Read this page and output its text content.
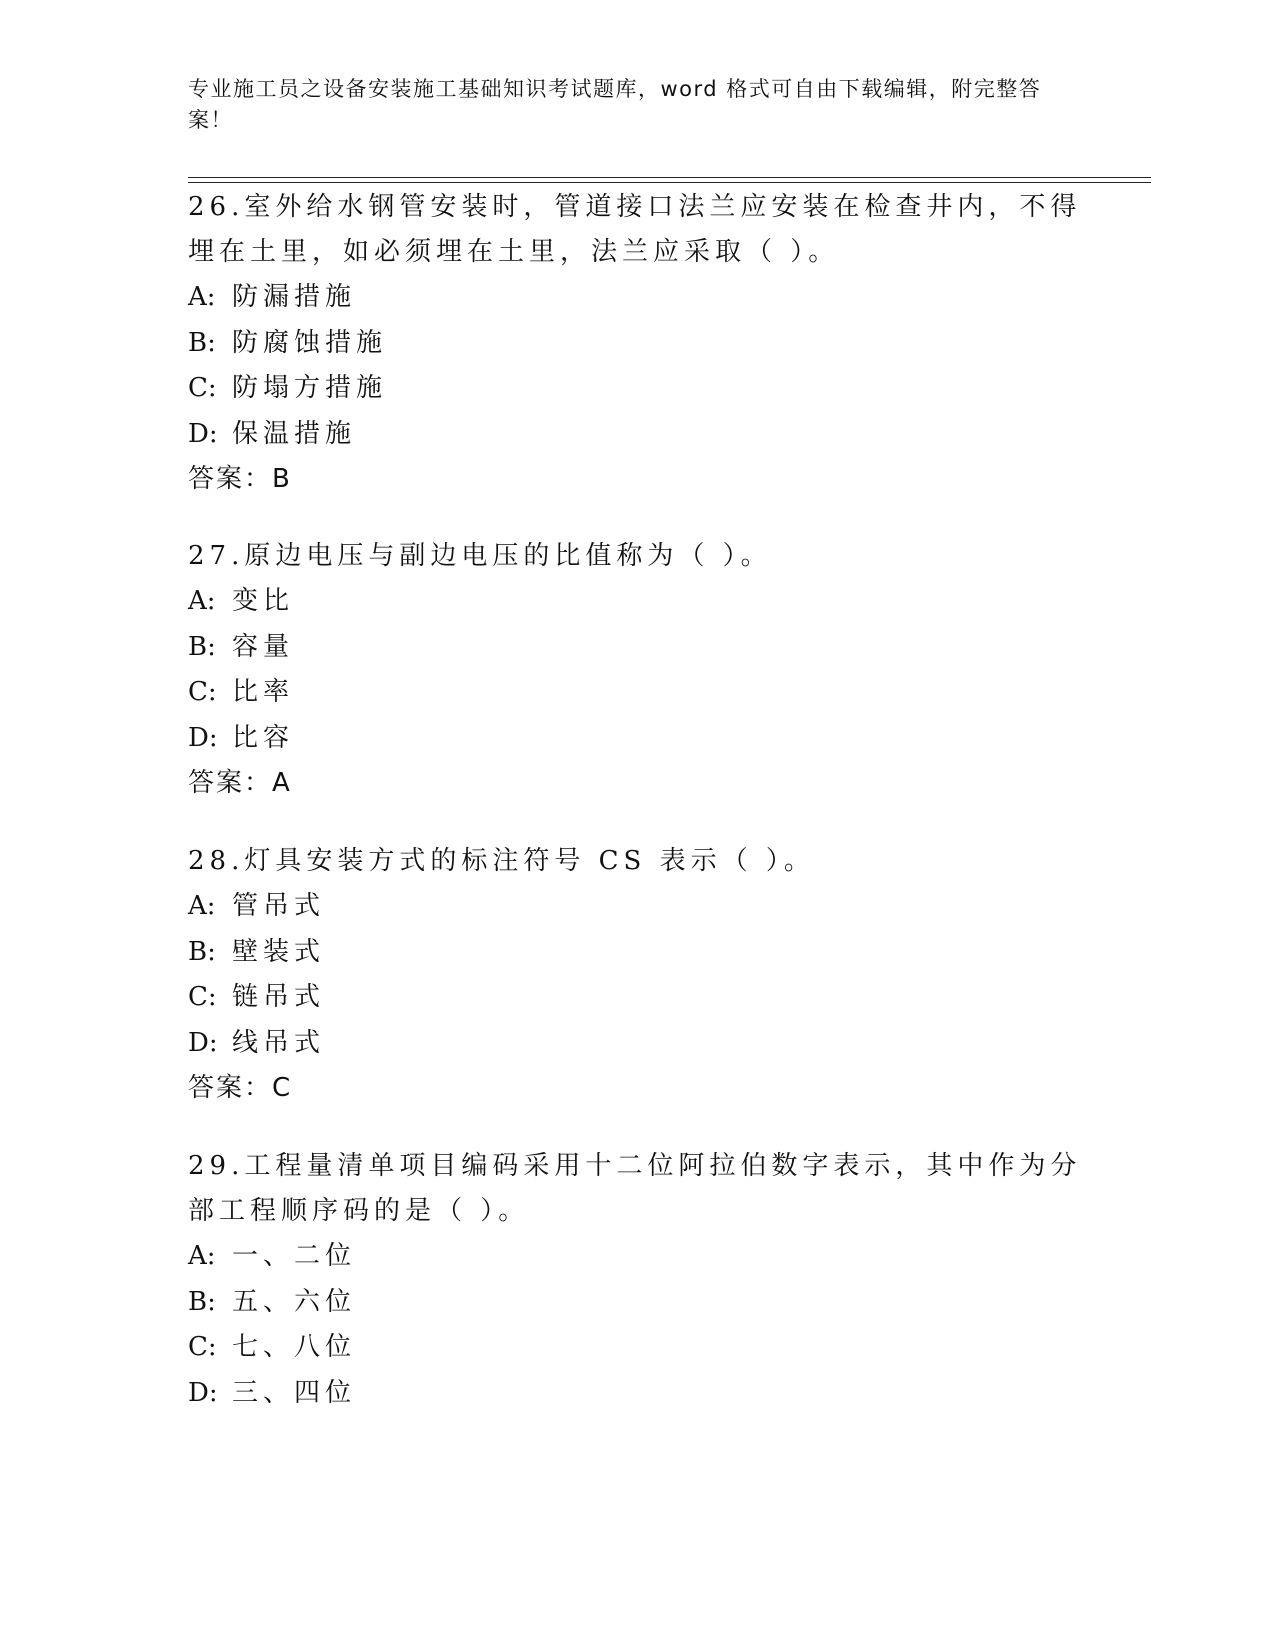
专业施工员之设备安装施工基础知识考试题库，word 格式可自由下载编辑，附完整答案！
26.室外给水钢管安装时，管道接口法兰应安装在检查井内，不得埋在土里，如必须埋在土里，法兰应采取（ ）。
A: 防漏措施
B: 防腐蚀措施
C: 防塌方措施
D: 保温措施
答案：B
27.原边电压与副边电压的比值称为（ ）。
A: 变比
B: 容量
C: 比率
D: 比容
答案：A
28.灯具安装方式的标注符号 CS 表示（ ）。
A: 管吊式
B: 壁装式
C: 链吊式
D: 线吊式
答案：C
29.工程量清单项目编码采用十二位阿拉伯数字表示，其中作为分部工程顺序码的是（ ）。
A: 一、二位
B: 五、六位
C: 七、八位
D: 三、四位
